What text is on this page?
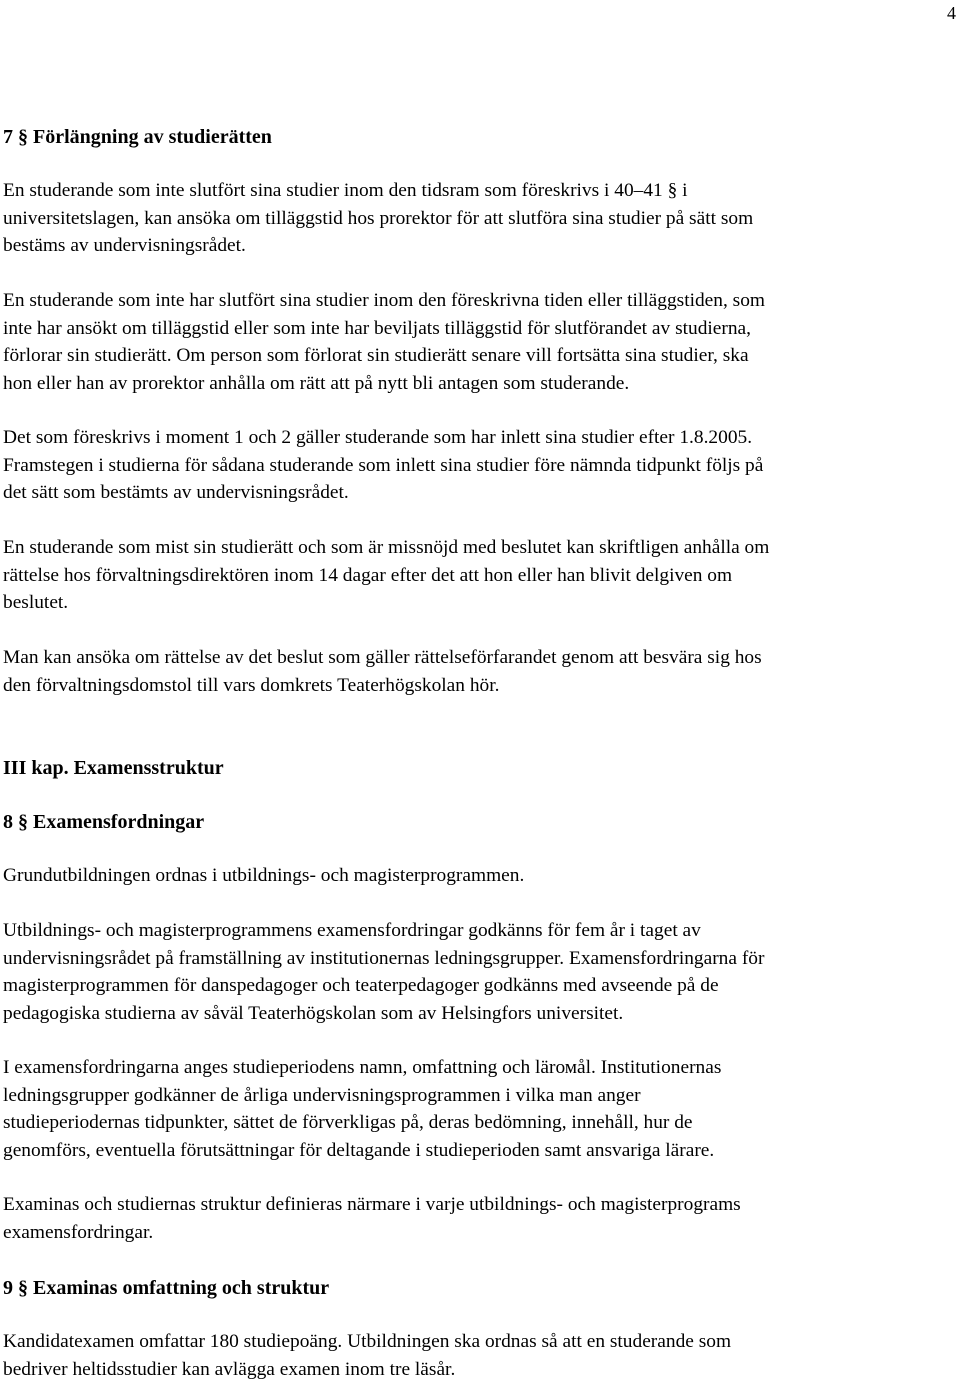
4
7 § Förlängning av studierätten
En studerande som inte slutfört sina studier inom den tidsram som föreskrivs i 40–41 § i
universitetslagen, kan ansöka om tilläggstid hos prorektor för att slutföra sina studier på sätt som
bestäms av undervisningsrådet.
En studerande som inte har slutfört sina studier inom den föreskrivna tiden eller tilläggstiden, som
inte har ansökt om tilläggstid eller som inte har beviljats tilläggstid för slutförandet av studierna,
förlorar sin studierätt. Om person som förlorat sin studierätt senare vill fortsätta sina studier, ska
hon eller han av prorektor anhålla om rätt att på nytt bli antagen som studerande.
Det som föreskrivs i moment 1 och 2 gäller studerande som har inlett sina studier efter 1.8.2005.
Framstegen i studierna för sådana studerande som inlett sina studier före nämnda tidpunkt följs på
det sätt som bestämts av undervisningsrådet.
En studerande som mist sin studierätt och som är missnöjd med beslutet kan skriftligen anhålla om
rättelse hos förvaltningsdirektören inom 14 dagar efter det att hon eller han blivit delgiven om
beslutet.
Man kan ansöka om rättelse av det beslut som gäller rättelseförfarandet genom att besvära sig hos
den förvaltningsdomstol till vars domkrets Teaterhögskolan hör.
III kap. Examensstruktur
8 § Examensfordningar
Grundutbildningen ordnas i utbildnings- och magisterprogrammen.
Utbildnings- och magisterprogrammens examensfordringar godkänns för fem år i taget av
undervisningsrådet på framställning av institutionernas ledningsgrupper. Examensfordringarna för
magisterprogrammen för danspedagoger och teaterpedagoger godkänns med avseende på de
pedagogiska studierna av såväl Teaterhögskolan som av Helsingfors universitet.
I examensfordringarna anges studieperiodens namn, omfattning och lärомål. Institutionernas
ledningsgrupper godkänner de årliga undervisningsprogrammen i vilka man anger
studieperiodernas tidpunkter, sättet de förverkligas på, deras bedömning, innehåll, hur de
genomförs, eventuella förutsättningar för deltagande i studieperioden samt ansvariga lärare.
Examinas och studiernas struktur definieras närmare i varje utbildnings- och magisterprograms
examensfordringar.
9 § Examinas omfattning och struktur
Kandidatexamen omfattar 180 studiepoäng. Utbildningen ska ordnas så att en studerande som
bedriver heltidsstudier kan avlägga examen inom tre läsår.
